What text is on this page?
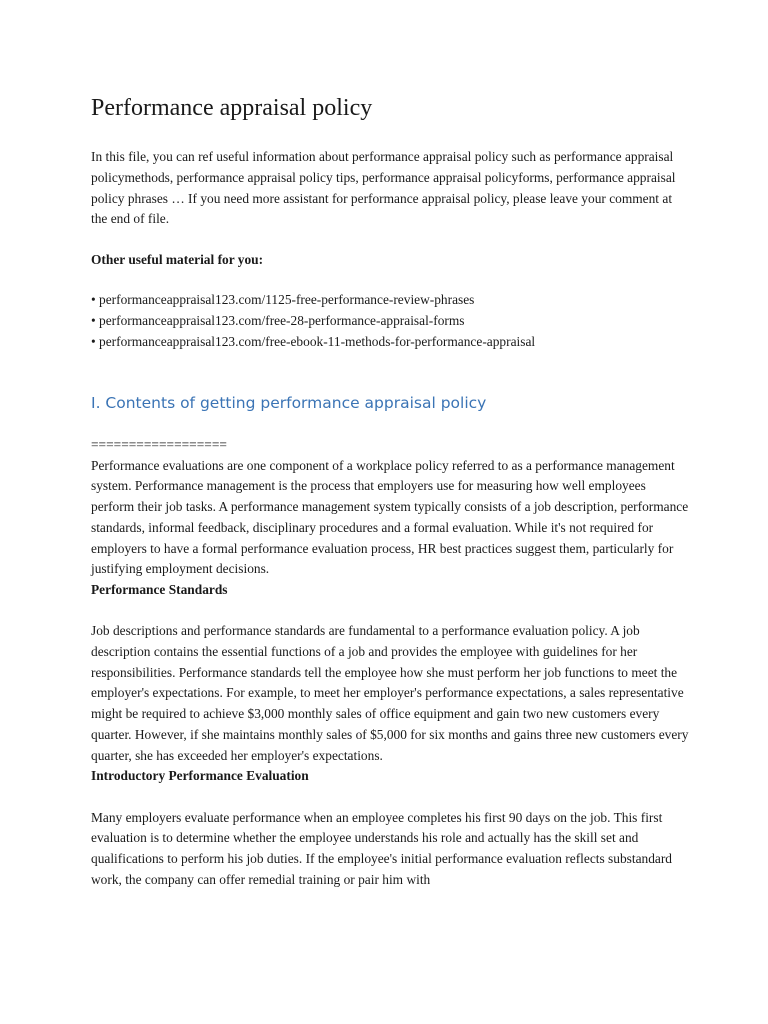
Performance appraisal policy

In this file, you can ref useful information about performance appraisal policy such as performance appraisal policymethods, performance appraisal policy tips, performance appraisal policyforms, performance appraisal policy phrases … If you need more assistant for performance appraisal policy, please leave your comment at the end of file.

Other useful material for you:

• performanceappraisal123.com/1125-free-performance-review-phrases
• performanceappraisal123.com/free-28-performance-appraisal-forms
• performanceappraisal123.com/free-ebook-11-methods-for-performance-appraisal
I. Contents of getting performance appraisal policy

==================

Performance evaluations are one component of a workplace policy referred to as a performance management system. Performance management is the process that employers use for measuring how well employees perform their job tasks. A performance management system typically consists of a job description, performance standards, informal feedback, disciplinary procedures and a formal evaluation. While it's not required for employers to have a formal performance evaluation process, HR best practices suggest them, particularly for justifying employment decisions.

Performance Standards

Job descriptions and performance standards are fundamental to a performance evaluation policy. A job description contains the essential functions of a job and provides the employee with guidelines for her responsibilities. Performance standards tell the employee how she must perform her job functions to meet the employer's expectations. For example, to meet her employer's performance expectations, a sales representative might be required to achieve $3,000 monthly sales of office equipment and gain two new customers every quarter. However, if she maintains monthly sales of $5,000 for six months and gains three new customers every quarter, she has exceeded her employer's expectations.

Introductory Performance Evaluation

Many employers evaluate performance when an employee completes his first 90 days on the job. This first evaluation is to determine whether the employee understands his role and actually has the skill set and qualifications to perform his job duties. If the employee's initial performance evaluation reflects substandard work, the company can offer remedial training or pair him with
